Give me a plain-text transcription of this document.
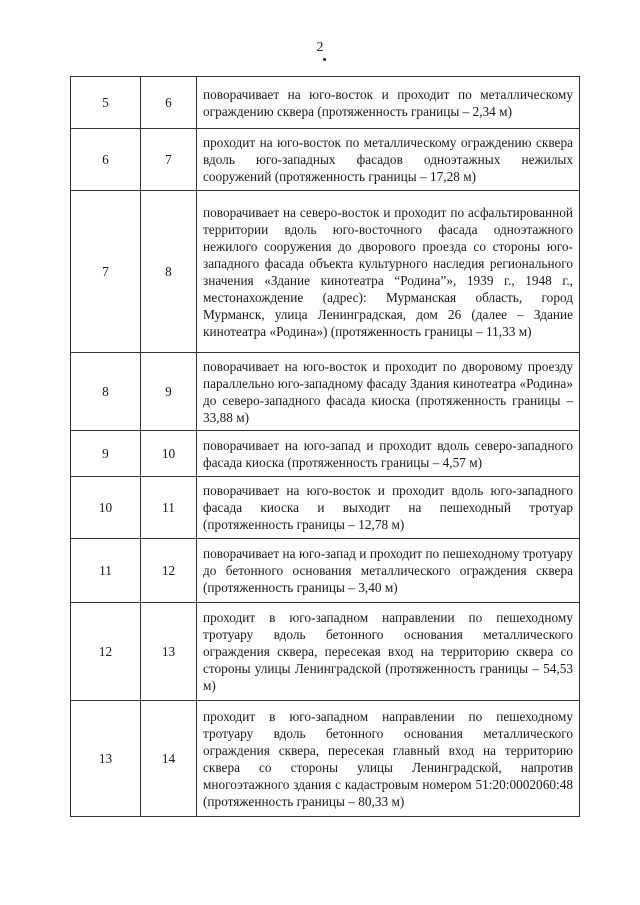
2
5	6	поворачивает на юго-восток и проходит по металлическому ограждению сквера (протяженность границы – 2,34 м)
6	7	проходит на юго-восток по металлическому ограждению сквера вдоль юго-западных фасадов одноэтажных нежилых сооружений (протяженность границы – 17,28 м)
7	8	поворачивает на северо-восток и проходит по асфальтированной территории вдоль юго-восточного фасада одноэтажного нежилого сооружения до дворового проезда со стороны юго-западного фасада объекта культурного наследия регионального значения «Здание кинотеатра “Родина”», 1939 г., 1948 г., местонахождение (адрес): Мурманская область, город Мурманск, улица Ленинградская, дом 26 (далее – Здание кинотеатра «Родина») (протяженность границы – 11,33 м)
8	9	поворачивает на юго-восток и проходит по дворовому проезду параллельно юго-западному фасаду Здания кинотеатра «Родина» до северо-западного фасада киоска (протяженность границы – 33,88 м)
9	10	поворачивает на юго-запад и проходит вдоль северо-западного фасада киоска (протяженность границы – 4,57 м)
10	11	поворачивает на юго-восток и проходит вдоль юго-западного фасада киоска и выходит на пешеходный тротуар (протяженность границы – 12,78 м)
11	12	поворачивает на юго-запад и проходит по пешеходному тротуару до бетонного основания металлического ограждения сквера (протяженность границы – 3,40 м)
12	13	проходит в юго-западном направлении по пешеходному тротуару вдоль бетонного основания металлического ограждения сквера, пересекая вход на территорию сквера со стороны улицы Ленинградской (протяженность границы – 54,53 м)
13	14	проходит в юго-западном направлении по пешеходному тротуару вдоль бетонного основания металлического ограждения сквера, пересекая главный вход на территорию сквера со стороны улицы Ленинградской, напротив многоэтажного здания с кадастровым номером 51:20:0002060:48 (протяженность границы – 80,33 м)
